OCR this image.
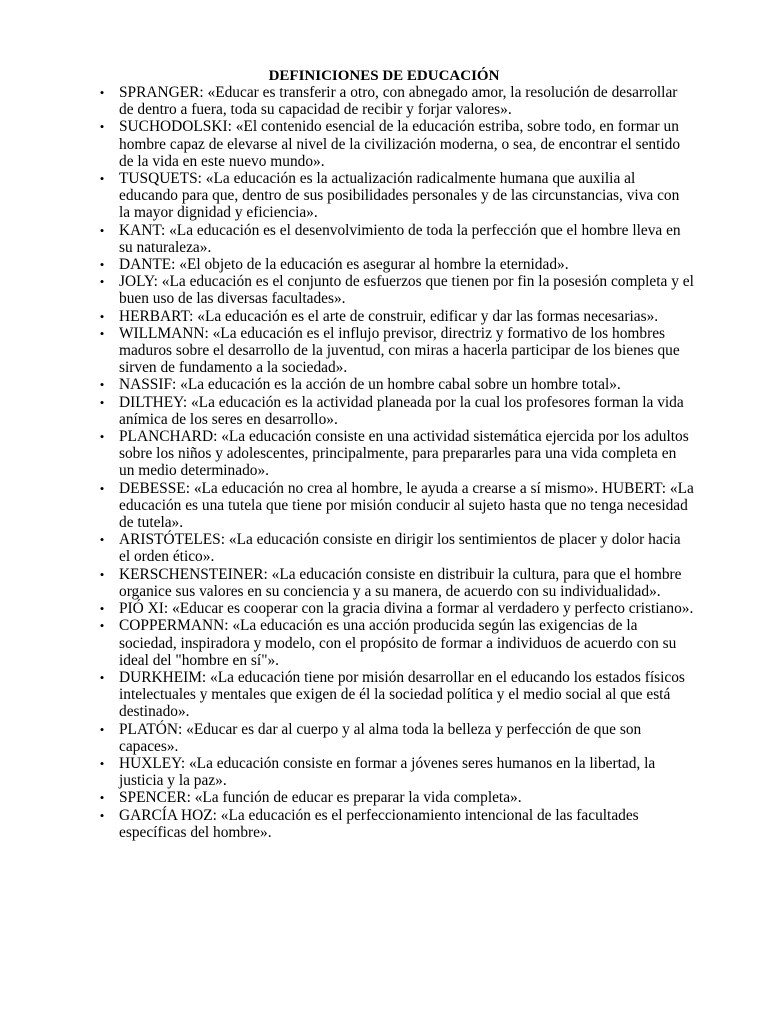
DEFINICIONES DE EDUCACIÓN
• SPRANGER: «Educar es transferir a otro, con abnegado amor, la resolución de desarrollar de dentro a fuera, toda su capacidad de recibir y forjar valores».
• SUCHODOLSKI: «El contenido esencial de la educación estriba, sobre todo, en formar un hombre capaz de elevarse al nivel de la civilización moderna, o sea, de encontrar el sentido de la vida en este nuevo mundo».
• TUSQUETS: «La educación es la actualización radicalmente humana que auxilia al educando para que, dentro de sus posibilidades personales y de las circunstancias, viva con la mayor dignidad y eficiencia».
• KANT: «La educación es el desenvolvimiento de toda la perfección que el hombre lleva en su naturaleza».
• DANTE: «El objeto de la educación es asegurar al hombre la eternidad».
• JOLY: «La educación es el conjunto de esfuerzos que tienen por fin la posesión completa y el buen uso de las diversas facultades».
• HERBART: «La educación es el arte de construir, edificar y dar las formas necesarias».
• WILLMANN: «La educación es el influjo previsor, directriz y formativo de los hombres maduros sobre el desarrollo de la juventud, con miras a hacerla participar de los bienes que sirven de fundamento a la sociedad».
• NASSIF: «La educación es la acción de un hombre cabal sobre un hombre total».
• DILTHEY: «La educación es la actividad planeada por la cual los profesores forman la vida anímica de los seres en desarrollo».
• PLANCHARD: «La educación consiste en una actividad sistemática ejercida por los adultos sobre los niños y adolescentes, principalmente, para prepararles para una vida completa en un medio determinado».
• DEBESSE: «La educación no crea al hombre, le ayuda a crearse a sí mismo». HUBERT: «La educación es una tutela que tiene por misión conducir al sujeto hasta que no tenga necesidad de tutela».
• ARISTÓTELES: «La educación consiste en dirigir los sentimientos de placer y dolor hacia el orden ético».
• KERSCHENSTEINER: «La educación consiste en distribuir la cultura, para que el hombre organice sus valores en su conciencia y a su manera, de acuerdo con su individualidad».
• PIÓ XI: «Educar es cooperar con la gracia divina a formar al verdadero y perfecto cristiano».
• COPPERMANN: «La educación es una acción producida según las exigencias de la sociedad, inspiradora y modelo, con el propósito de formar a individuos de acuerdo con su ideal del "hombre en sí"».
• DURKHEIM: «La educación tiene por misión desarrollar en el educando los estados físicos intelectuales y mentales que exigen de él la sociedad política y el medio social al que está destinado».
• PLATÓN: «Educar es dar al cuerpo y al alma toda la belleza y perfección de que son capaces».
• HUXLEY: «La educación consiste en formar a jóvenes seres humanos en la libertad, la justicia y la paz».
• SPENCER: «La función de educar es preparar la vida completa».
• GARCÍA HOZ: «La educación es el perfeccionamiento intencional de las facultades específicas del hombre».
